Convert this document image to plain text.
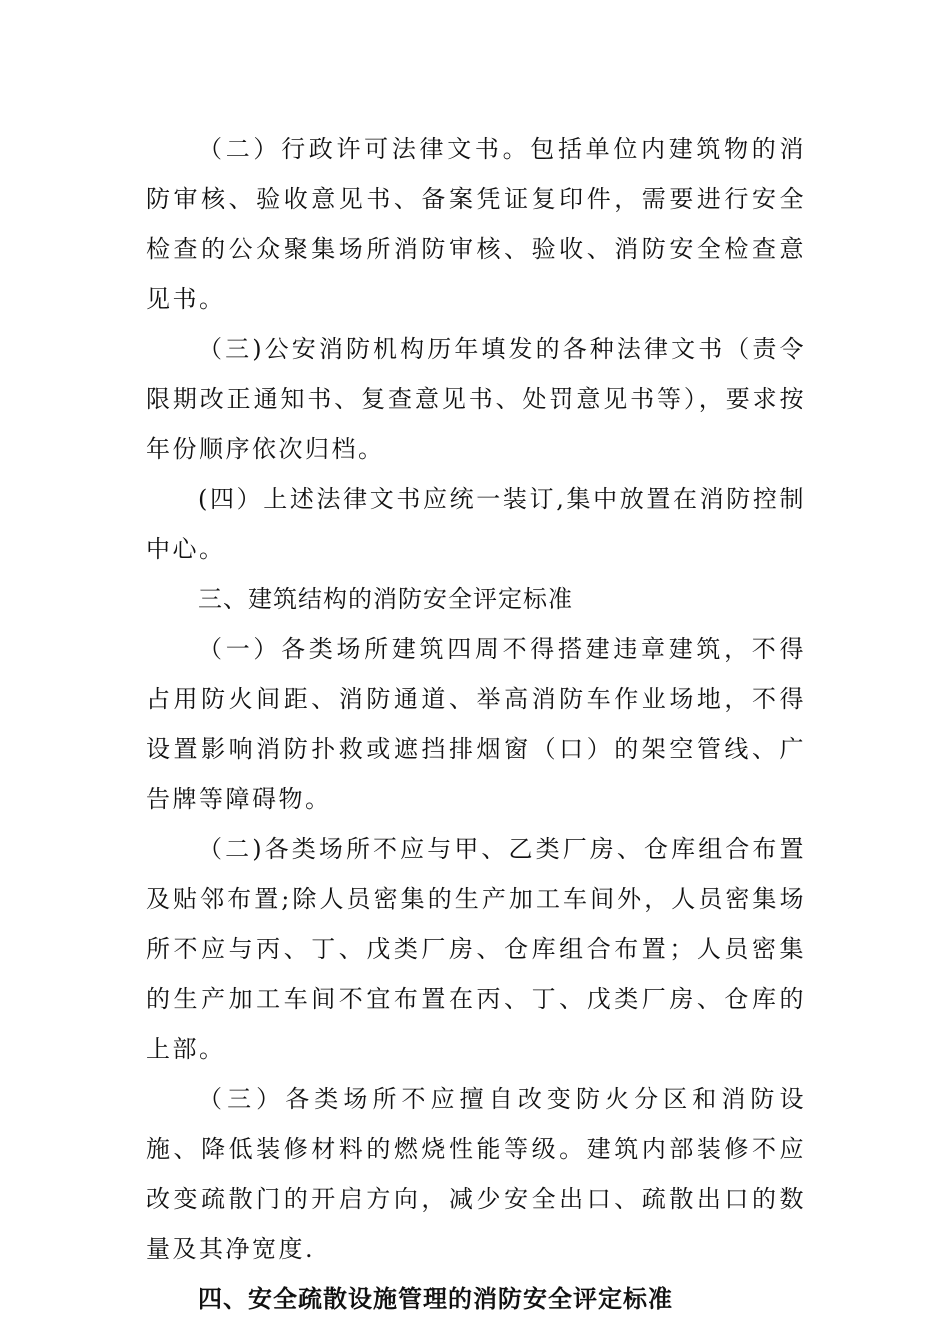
（二）行政许可法律文书。包括单位内建筑物的消防审核、验收意见书、备案凭证复印件，需要进行安全检查的公众聚集场所消防审核、验收、消防安全检查意见书。

（三)公安消防机构历年填发的各种法律文书（责令限期改正通知书、复查意见书、处罚意见书等），要求按年份顺序依次归档。

(四）上述法律文书应统一装订,集中放置在消防控制中心。

三、建筑结构的消防安全评定标准

（一）各类场所建筑四周不得搭建违章建筑，不得占用防火间距、消防通道、举高消防车作业场地，不得设置影响消防扑救或遮挡排烟窗（口）的架空管线、广告牌等障碍物。

（二)各类场所不应与甲、乙类厂房、仓库组合布置及贴邻布置;除人员密集的生产加工车间外，人员密集场所不应与丙、丁、戊类厂房、仓库组合布置；人员密集的生产加工车间不宜布置在丙、丁、戊类厂房、仓库的上部。

（三）各类场所不应擅自改变防火分区和消防设施、降低装修材料的燃烧性能等级。建筑内部装修不应改变疏散门的开启方向，减少安全出口、疏散出口的数量及其净宽度.

四、安全疏散设施管理的消防安全评定标准
